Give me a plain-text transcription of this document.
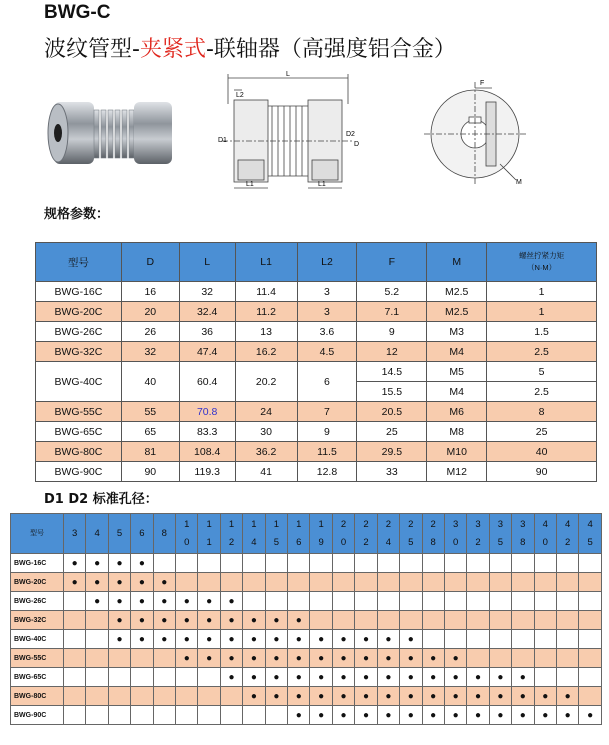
BWG-C
波纹管型-夹紧式-联轴器（高强度铝合金）
L
L2
L1	L1
D1
D2
D
F
M
规格参数：
型号	D	L	L1	L2	F	M	螺丝拧紧力矩
（N·M）
BWG-16C	16	32	11.4	3	5.2	M2.5	1
BWG-20C	20	32.4	11.2	3	7.1	M2.5	1
BWG-26C	26	36	13	3.6	9	M3	1.5
BWG-32C	32	47.4	16.2	4.5	12	M4	2.5
BWG-40C	40	60.4	20.2	6	14.5	M5	5
					15.5	M4	2.5
BWG-55C	55	70.8	24	7	20.5	M6	8
BWG-65C	65	83.3	30	9	25	M8	25
BWG-80C	81	108.4	36.2	11.5	29.5	M10	40
BWG-90C	90	119.3	41	12.8	33	M12	90
D1 D2 标准孔径：
型号	3	4	5	6	8	10	11	12	14	15	16	19	20	22	24	25	28	30	32	35	38	40	42	45
BWG-16C	●	●	●	●																				
BWG-20C	●	●	●	●	●																			
BWG-26C		●	●	●	●	●	●	●																
BWG-32C			●	●	●	●	●	●	●	●	●													
BWG-40C			●	●	●	●	●	●	●	●	●	●	●	●	●	●								
BWG-55C						●	●	●	●	●	●	●	●	●	●	●	●	●						
BWG-65C								●	●	●	●	●	●	●	●	●	●	●	●	●	●			
BWG-80C									●	●	●	●	●	●	●	●	●	●	●	●	●	●	●	
BWG-90C											●	●	●	●	●	●	●	●	●	●	●	●	●	●
